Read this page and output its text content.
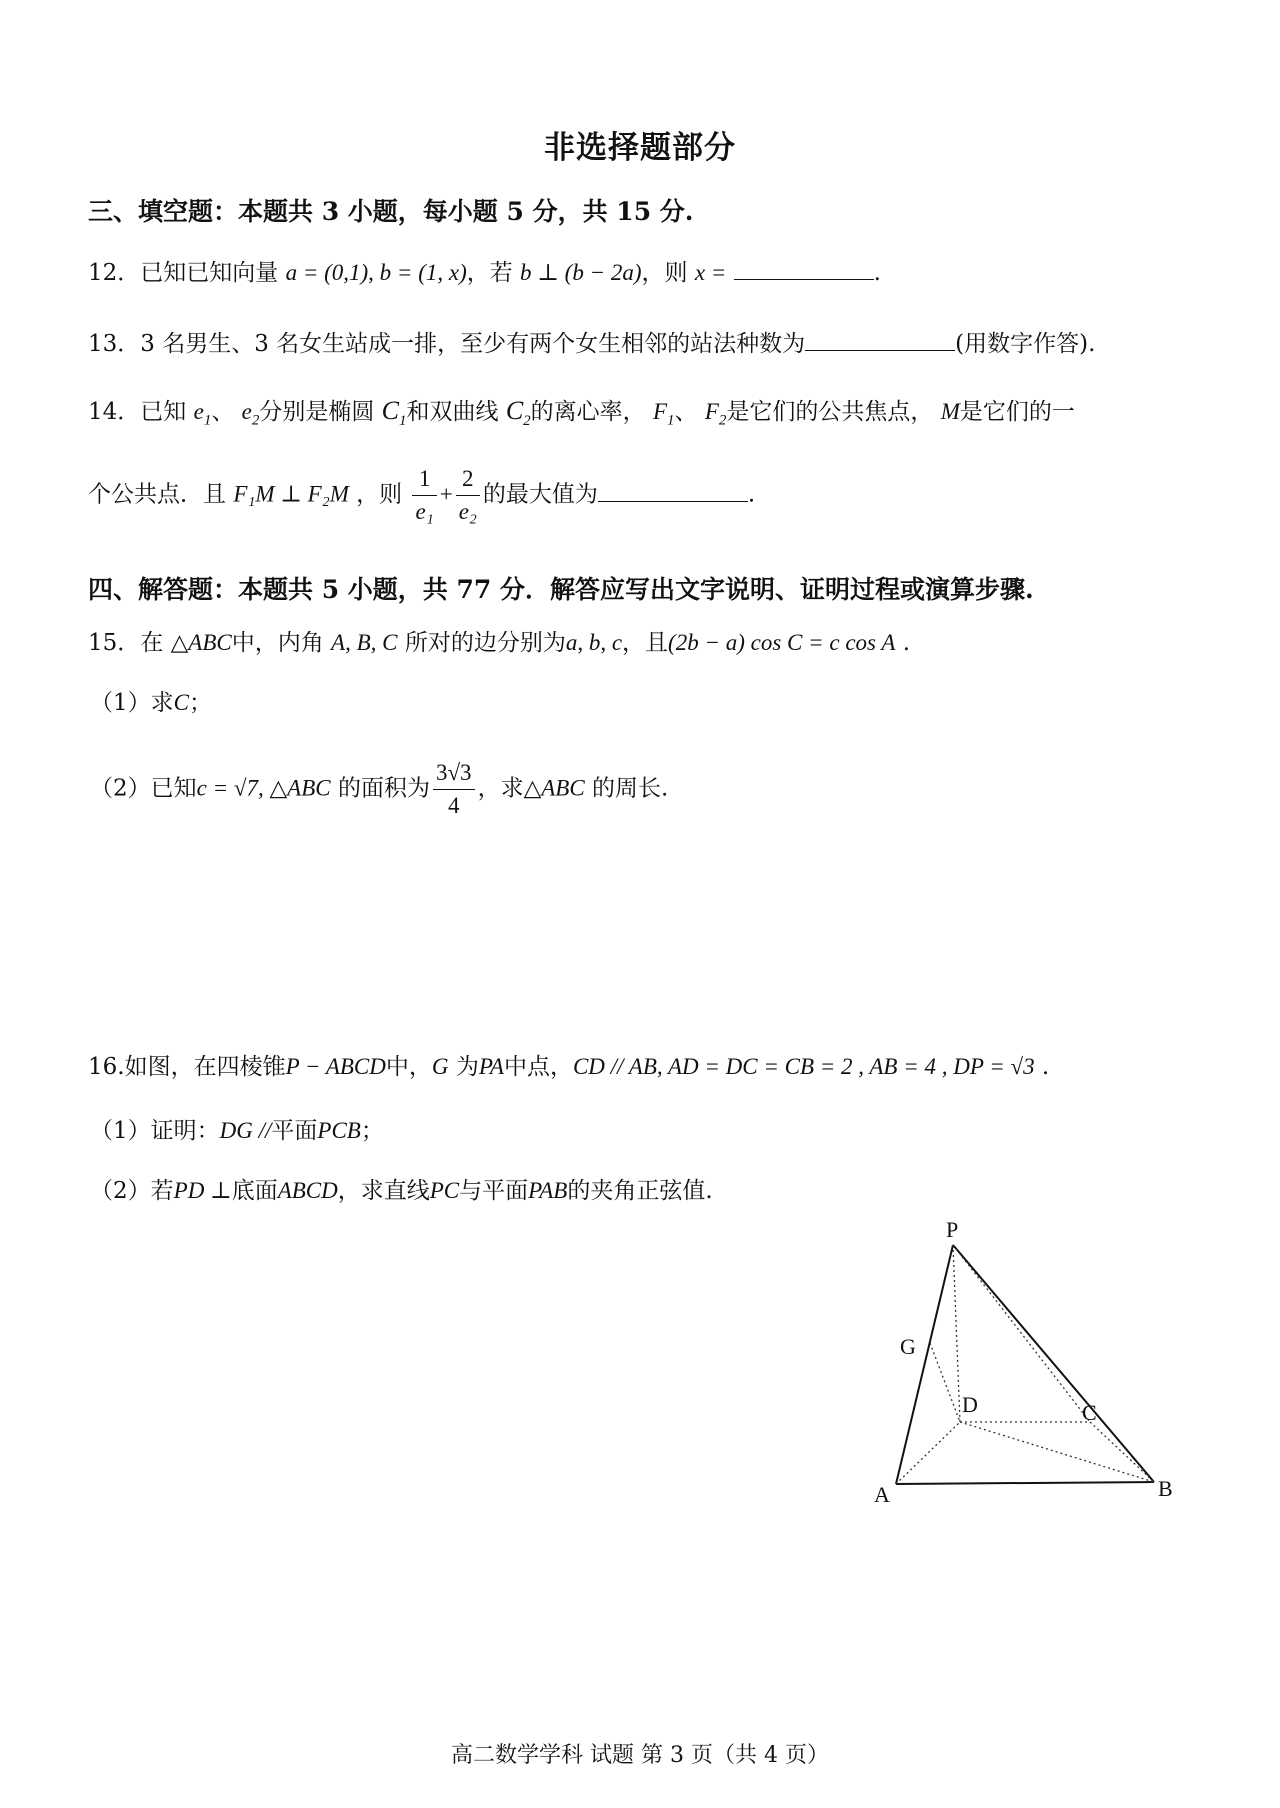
非选择题部分
三、填空题：本题共 3 小题，每小题 5 分，共 15 分.
12．已知已知向量 a = (0,1), b = (1, x)，若 b ⊥ (b − 2a)，则 x =	.
13．3 名男生、3 名女生站成一排，至少有两个女生相邻的站法种数为	(用数字作答).
14．已知 $e_1$、 $e_2$分别是椭圆 $C_1$和双曲线 $C_2$的离心率， $F_1$、 $F_2$是它们的公共焦点， M是它们的一
个公共点．且 F₁M ⊥ F₂M ，则 $\frac{1}{\text{e₁}} + \frac{2}{\text{e₂}}$ 的最大值为	.
四、解答题：本题共 5 小题，共 77 分．解答应写出文字说明、证明过程或演算步骤.
15．在 △ABC中，内角 A, B, C 所对的边分别为a, b, c，且(2b − a) cos C = c cos A .
（1）求C；
（2）已知c = √7, △ABC 的面积为 $\frac{3√3}{4}$ ，求△ABC 的周长.
16.如图，在四棱锥P − ABCD中，G 为PA中点，CD // AB, AD = DC = CB = 2 , AB = 4 , DP = √3 .
（1）证明：DG //平面PCB；
（2）若PD ⊥底面ABCD，求直线PC与平面PAB的夹角正弦值.
P
G
D	C
A	B
高二数学学科 试题 第 3 页（共 4 页）
